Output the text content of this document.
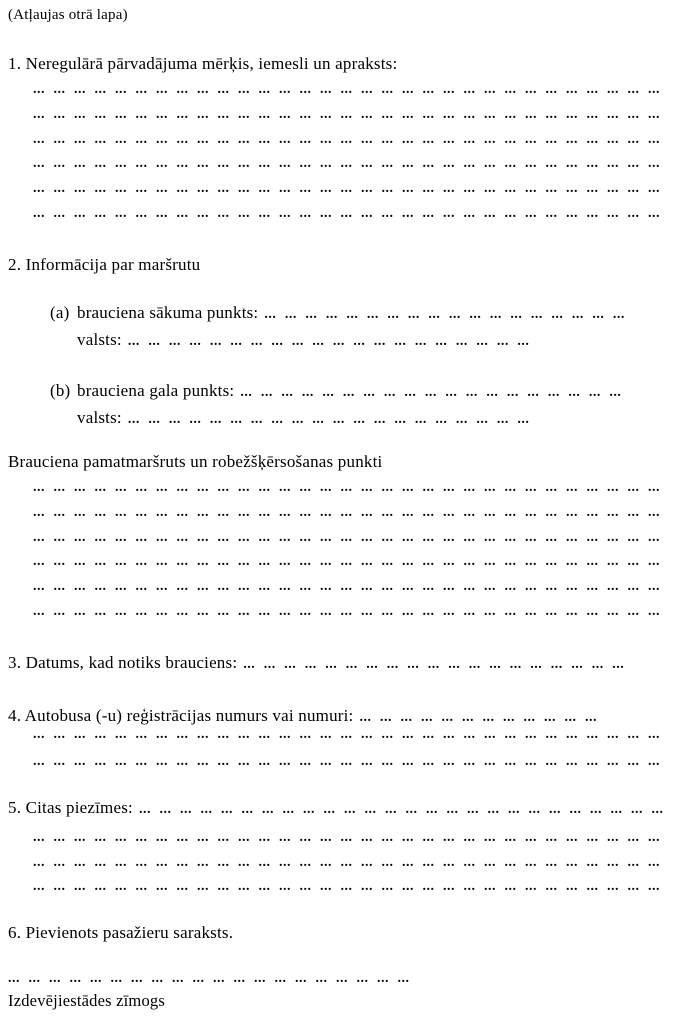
(Atļaujas otrā lapa)
1. Neregulārā pārvadājuma mērķis, iemesli un apraksts:
... ... ... ... ... ... ... ... ... ... ... ... ... ... ... ... ... ... ... ... ... ... ... ... ... ... ... ... ... ... ...
... ... ... ... ... ... ... ... ... ... ... ... ... ... ... ... ... ... ... ... ... ... ... ... ... ... ... ... ... ... ...
... ... ... ... ... ... ... ... ... ... ... ... ... ... ... ... ... ... ... ... ... ... ... ... ... ... ... ... ... ... ...
... ... ... ... ... ... ... ... ... ... ... ... ... ... ... ... ... ... ... ... ... ... ... ... ... ... ... ... ... ... ...
... ... ... ... ... ... ... ... ... ... ... ... ... ... ... ... ... ... ... ... ... ... ... ... ... ... ... ... ... ... ...
... ... ... ... ... ... ... ... ... ... ... ... ... ... ... ... ... ... ... ... ... ... ... ... ... ... ... ... ... ... ...
2. Informācija par maršrutu
(a) brauciena sākuma punkts: ... ... ... ... ... ... ... ... ... ... ... ... ... ... ... ... ... ...
valsts: ... ... ... ... ... ... ... ... ... ... ... ... ... ... ... ... ... ... ... ...
(b) brauciena gala punkts: ... ... ... ... ... ... ... ... ... ... ... ... ... ... ... ... ... ... ...
valsts: ... ... ... ... ... ... ... ... ... ... ... ... ... ... ... ... ... ... ... ...
Brauciena pamatmaršruts un robežšķērsošanas punkti
... ... ... ... ... ... ... ... ... ... ... ... ... ... ... ... ... ... ... ... ... ... ... ... ... ... ... ... ... ... ...
... ... ... ... ... ... ... ... ... ... ... ... ... ... ... ... ... ... ... ... ... ... ... ... ... ... ... ... ... ... ...
... ... ... ... ... ... ... ... ... ... ... ... ... ... ... ... ... ... ... ... ... ... ... ... ... ... ... ... ... ... ...
... ... ... ... ... ... ... ... ... ... ... ... ... ... ... ... ... ... ... ... ... ... ... ... ... ... ... ... ... ... ...
... ... ... ... ... ... ... ... ... ... ... ... ... ... ... ... ... ... ... ... ... ... ... ... ... ... ... ... ... ... ...
... ... ... ... ... ... ... ... ... ... ... ... ... ... ... ... ... ... ... ... ... ... ... ... ... ... ... ... ... ... ...
3. Datums, kad notiks brauciens: ... ... ... ... ... ... ... ... ... ... ... ... ... ... ... ... ... ... ...
4. Autobusa (-u) reģistrācijas numurs vai numuri: ... ... ... ... ... ... ... ... ... ... ... ...
... ... ... ... ... ... ... ... ... ... ... ... ... ... ... ... ... ... ... ... ... ... ... ... ... ... ... ... ... ... ...
... ... ... ... ... ... ... ... ... ... ... ... ... ... ... ... ... ... ... ... ... ... ... ... ... ... ... ... ... ... ...
5. Citas piezīmes: ... ... ... ... ... ... ... ... ... ... ... ... ... ... ... ... ... ... ... ... ... ... ... ... ... ...
... ... ... ... ... ... ... ... ... ... ... ... ... ... ... ... ... ... ... ... ... ... ... ... ... ... ... ... ... ... ...
... ... ... ... ... ... ... ... ... ... ... ... ... ... ... ... ... ... ... ... ... ... ... ... ... ... ... ... ... ... ...
... ... ... ... ... ... ... ... ... ... ... ... ... ... ... ... ... ... ... ... ... ... ... ... ... ... ... ... ... ... ...
6. Pievienots pasažieru saraksts.
... ... ... ... ... ... ... ... ... ... ... ... ... ... ... ... ... ... ... ...
Izdevējiestādes zīmogs
